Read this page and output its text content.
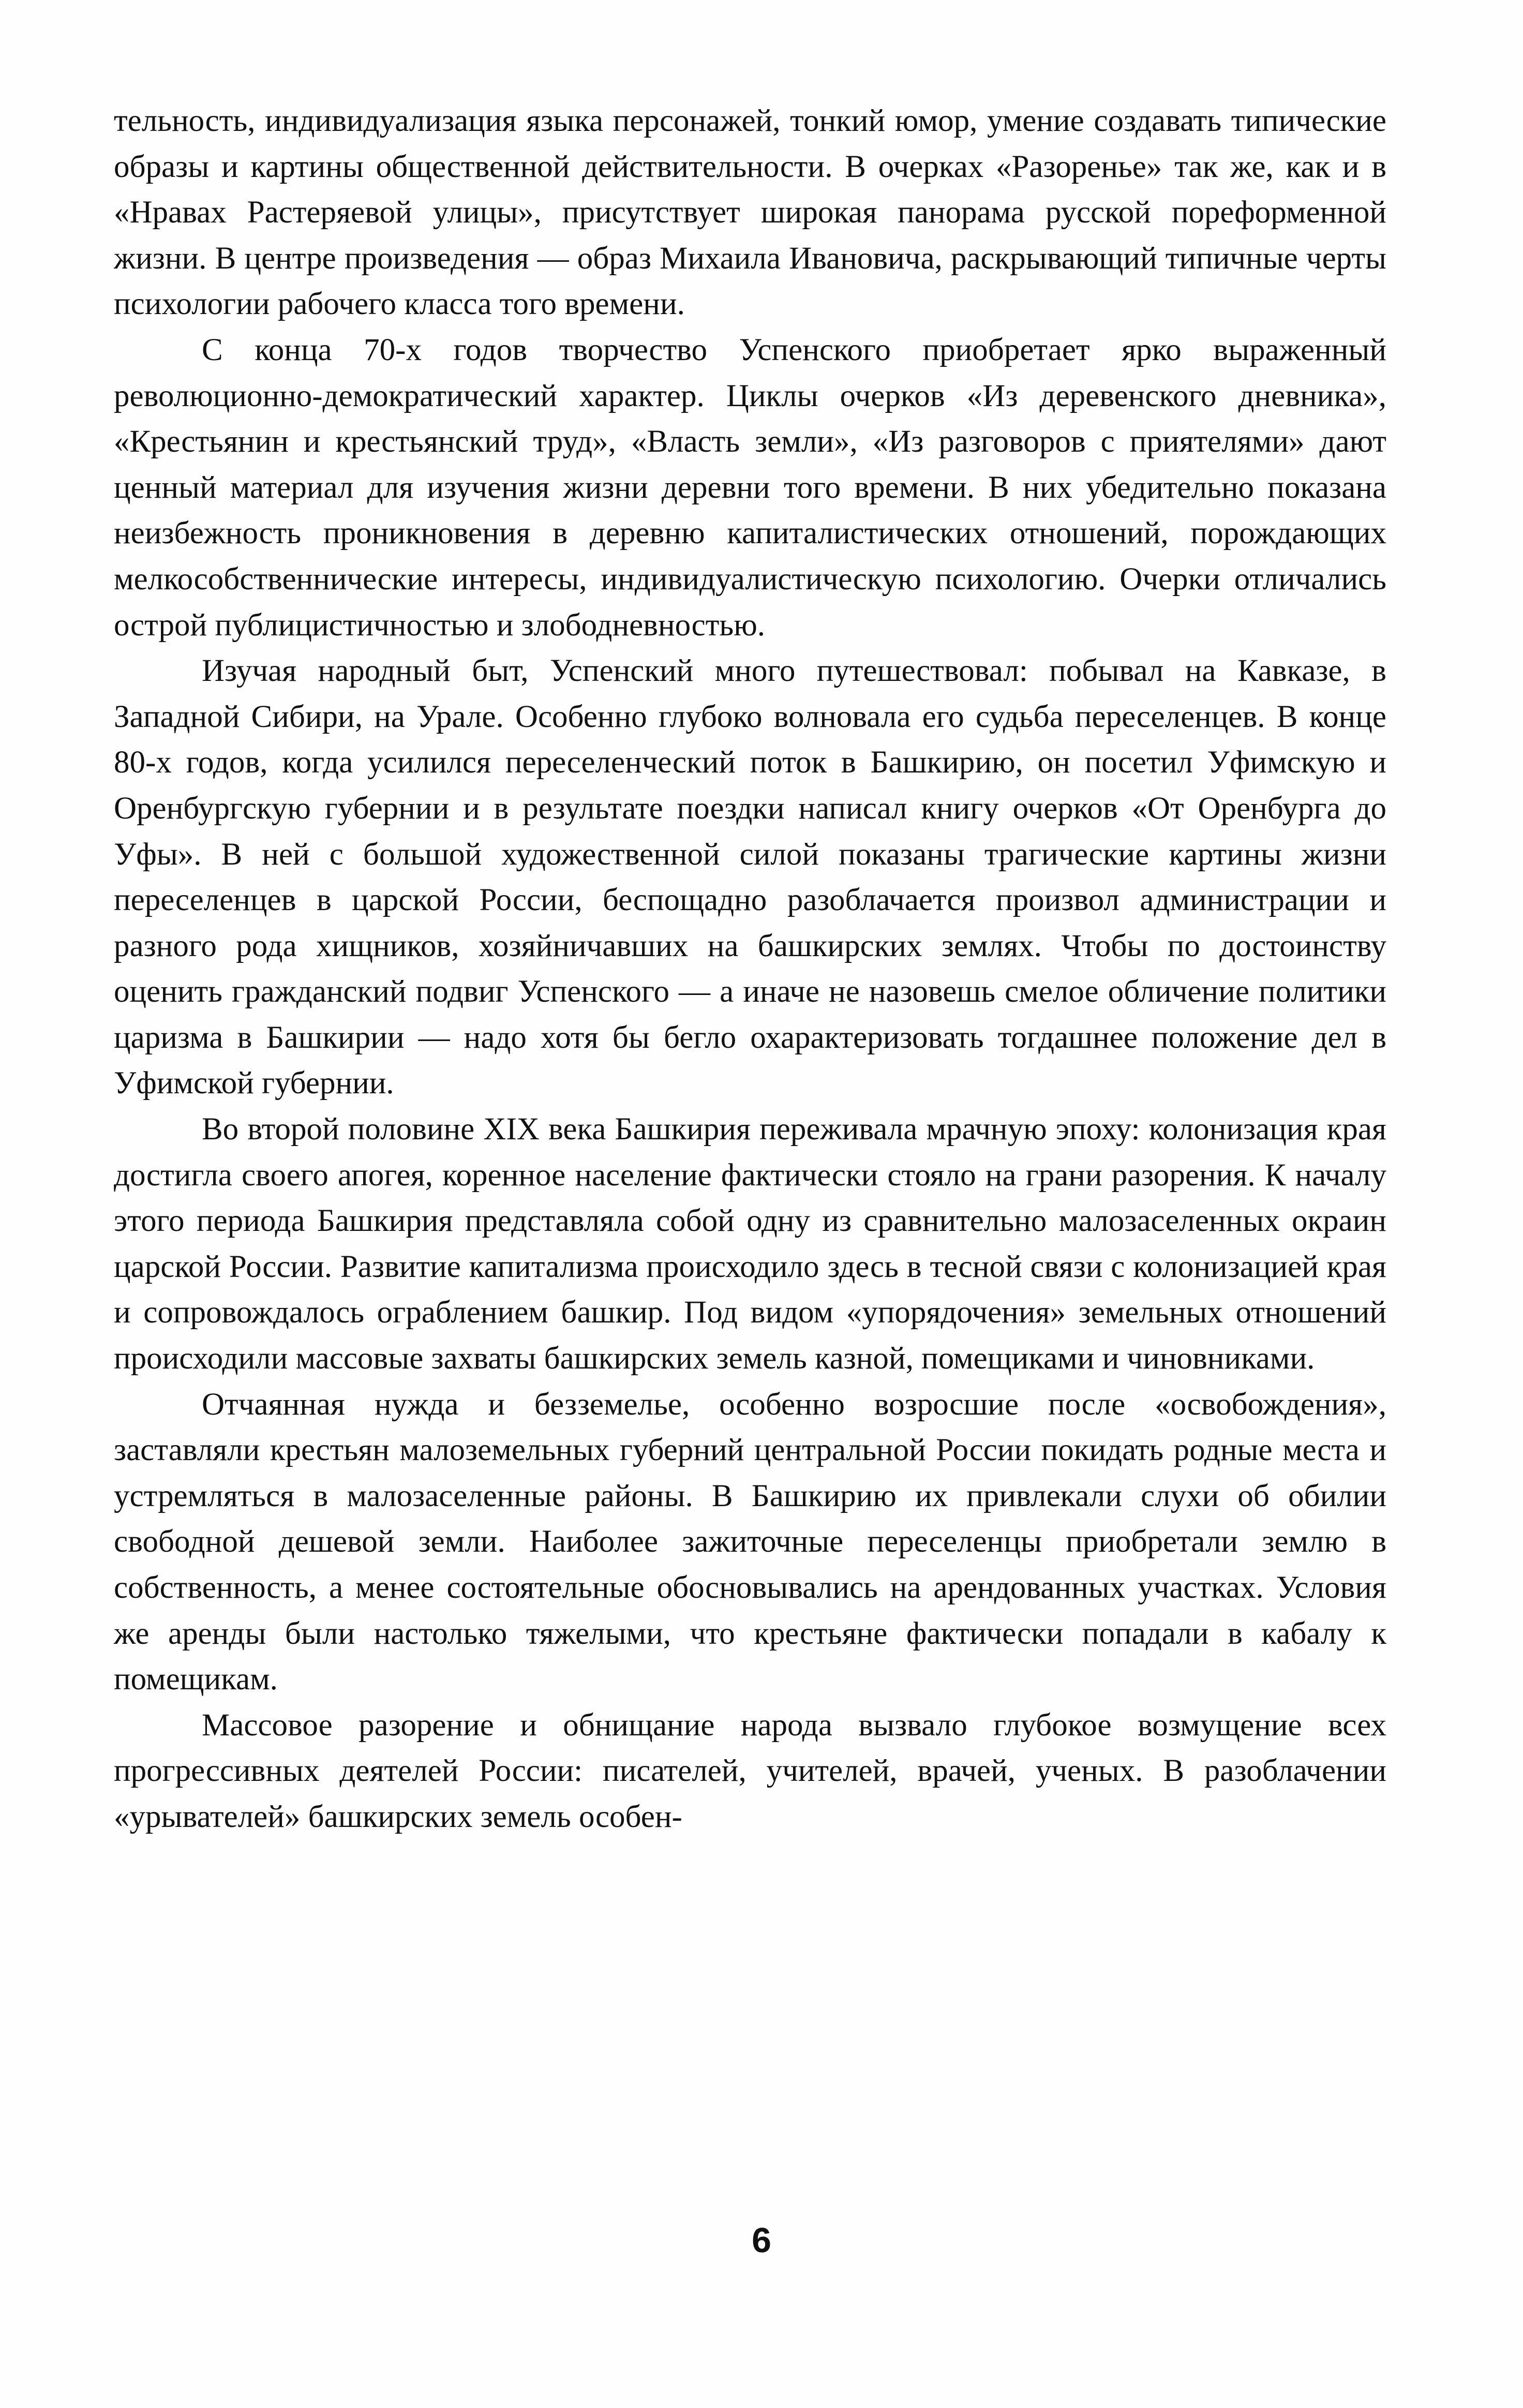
тельность, индивидуализация языка персонажей, тонкий юмор, умение создавать типические образы и картины общественной действительности. В очерках «Разоренье» так же, как и в «Нравах Растеряевой улицы», присутствует широкая панорама русской пореформенной жизни. В центре произведения — образ Михаила Ивановича, раскрывающий типичные черты психологии рабочего класса того времени.

С конца 70-х годов творчество Успенского приобретает ярко выраженный революционно-демократический характер. Циклы очерков «Из деревенского дневника», «Крестьянин и крестьянский труд», «Власть земли», «Из разговоров с приятелями» дают ценный материал для изучения жизни деревни того времени. В них убедительно показана неизбежность проникновения в деревню капиталистических отношений, порождающих мелкособственнические интересы, индивидуалистическую психологию. Очерки отличались острой публицистичностью и злободневностью.

Изучая народный быт, Успенский много путешествовал: побывал на Кавказе, в Западной Сибири, на Урале. Особенно глубоко волновала его судьба переселенцев. В конце 80-х годов, когда усилился переселенческий поток в Башкирию, он посетил Уфимскую и Оренбургскую губернии и в результате поездки написал книгу очерков «От Оренбурга до Уфы». В ней с большой художественной силой показаны трагические картины жизни переселенцев в царской России, беспощадно разоблачается произвол администрации и разного рода хищников, хозяйничавших на башкирских землях. Чтобы по достоинству оценить гражданский подвиг Успенского — а иначе не назовешь смелое обличение политики царизма в Башкирии — надо хотя бы бегло охарактеризовать тогдашнее положение дел в Уфимской губернии.

Во второй половине XIX века Башкирия переживала мрачную эпоху: колонизация края достигла своего апогея, коренное население фактически стояло на грани разорения. К началу этого периода Башкирия представляла собой одну из сравнительно малозаселенных окраин царской России. Развитие капитализма происходило здесь в тесной связи с колонизацией края и сопровождалось ограблением башкир. Под видом «упорядочения» земельных отношений происходили массовые захваты башкирских земель казной, помещиками и чиновниками.

Отчаянная нужда и безземелье, особенно возросшие после «освобождения», заставляли крестьян малоземельных губерний центральной России покидать родные места и устремляться в малозаселенные районы. В Башкирию их привлекали слухи об обилии свободной дешевой земли. Наиболее зажиточные переселенцы приобретали землю в собственность, а менее состоятельные обосновывались на арендованных участках. Условия же аренды были настолько тяжелыми, что крестьяне фактически попадали в кабалу к помещикам.

Массовое разорение и обнищание народа вызвало глубокое возмущение всех прогрессивных деятелей России: писателей, учителей, врачей, ученых. В разоблачении «урывателей» башкирских земель особен-

6
